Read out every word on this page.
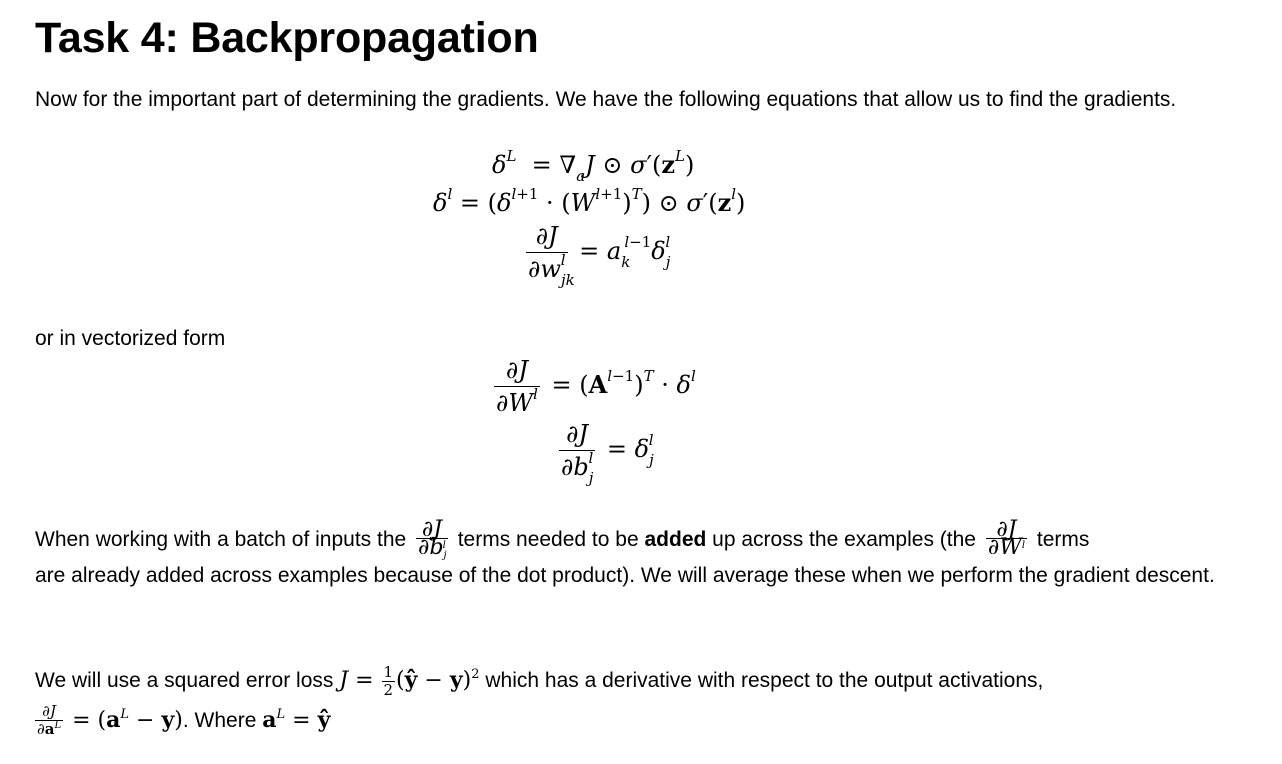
Task 4: Backpropagation

Now for the important part of determining the gradients. We have the following equations that allow us to find the gradients.

$\delta^L = \nabla_aJ$ ⊙ $\sigma'(z^L)$
$\delta^l = (\delta^{l+1} \cdot (W^{l+1})^T)$ ⊙ $\sigma'(z^l)$
$\frac{\partial J}{\partial w_{jk}^l} = a_k^{l-1}\delta_j^l$

or in vectorized form

$\frac{\partial J}{\partial W^l} = (A^{l-1})^T \cdot \delta^l$
$\frac{\partial J}{\partial b_j^l} = \delta_j^l$
When working with a batch of inputs the $\frac{\partial J}{\partial bj^l}$ terms needed to be added up across the examples ($the \frac{\partial J}{\partial W^l}$ terms
are already added across examples because of the dot product). We will average these when we perform the gradient descent.
We will use a squared error loss $J = \frac{1}{2}$ (ŷ − y)$^2$ which has a derivative with respect to the output activations,

$\frac{\partial J}{\partial a^L} = (a^L - y)$. Where $a^L$ = ŷ
